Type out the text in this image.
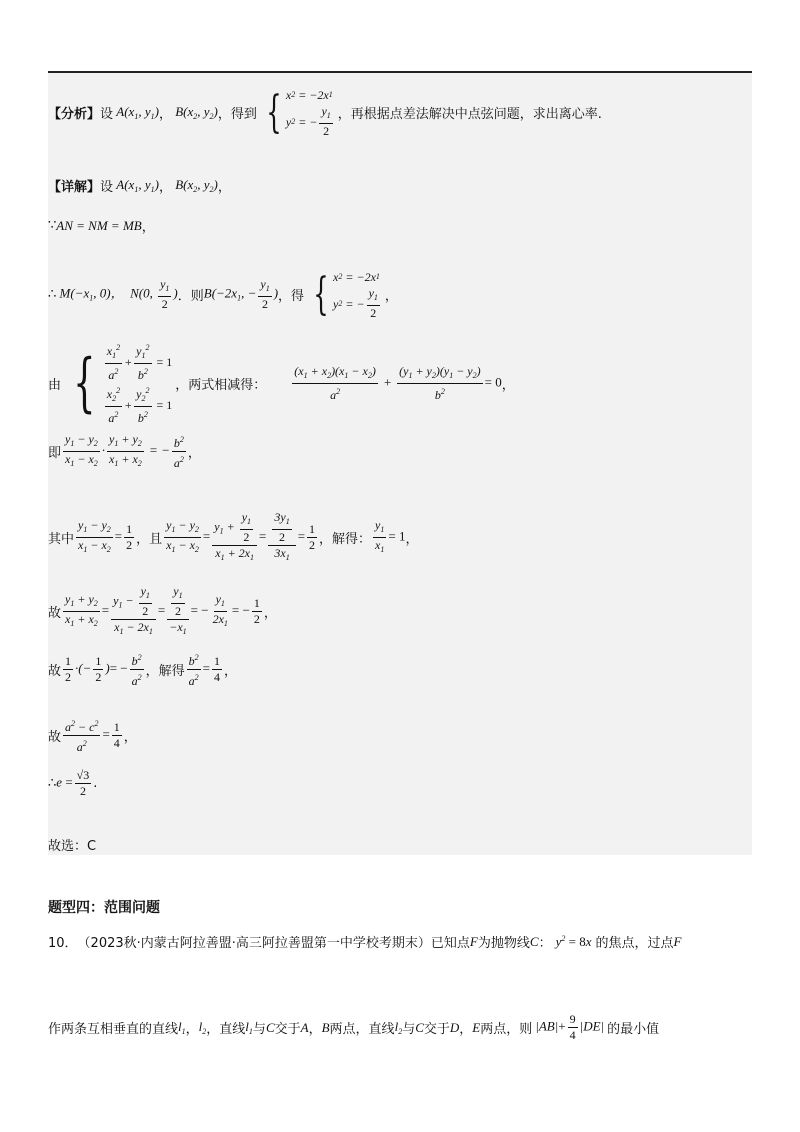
【分析】 设 $A(x_1$, $y_1$) ， $B(x_2$, $y_2$) ，得到 { x 2 = −2x 1
y 2 = − $\frac{y_1}{2}$ ，再根据点差法解决中点弦问题，求出离心率.
【详解】 设 $A(x_1$, $y_1$) ， $B(x_2$, $y_2$) ，
∵ AN = NM = MB ，
∴ $M(-x_1$, 0)，  N(0, $\frac{y_1}{2}$ ) ．则 $B(-2x_1$, − $\frac{y_1}{2}$ ) ，得 { x 2 = −2x 1
y 2 = − $\frac{y_1}{2}$ ，
由 { $\frac{x_1^2}{a^2} + \frac{y_1^2}{b^2} = 1$
$\frac{x_2^2}{a^2} + \frac{y_2^2}{b^2} = 1$
，两式相减得： $\frac{(x_1 + x_2)(x_1 - x_2)}{a^2} + \frac{(y_1 + y_2)(y_1 - y_2)}{b^2} = 0$ ，
即 $\frac{y_1 - y_2}{x_1 - x_2} \cdot \frac{y_1 + y_2}{x_1 + x_2}$ = − $\frac{b^2}{a^2}$ ，
其中 $\frac{y_1 - y_2}{x_1 - x_2} = \frac{1}{2}$ ，且 $\frac{y_1 - y_2}{x_1 - x_2} = \frac{y_1 + \frac{y_1}{2}}{x_1 + 2x_1} = \frac{\frac{3y_1}{2}}{3x_1} = \frac{1}{2}$ ，解得： $\frac{y_1}{x_1} = 1$ ，
故 $\frac{y_1 + y_2}{x_1 + x_2} = \frac{y_1 - \frac{y_1}{2}}{x_1 - 2x_1} = \frac{\frac{y_1}{2}}{-x_1}$ = − $\frac{y_1}{2x_1}$ = − $\frac{1}{2}$ ，
故 $\frac{1}{2}$ ·(− $\frac{1}{2}$ )= − $\frac{b^2}{a^2}$ ，解得 $\frac{b^2}{a^2} = \frac{1}{4}$ ，
故 $\frac{a^2 - c^2}{a^2} = \frac{1}{4}$ ，
∴ $e = \frac{√3}{2}$ .
故选：C
题型四：范围问题
10． （2023秋·内蒙古阿拉善盟·高三阿拉善盟第一中学校考期末） 已知点 F 为抛物线 C ： $y^2 = 8x$ 的焦点，过点 F
作两条互相垂直的直线 $l_1$ ， $l_2$ ，直线 $l_1$ 与 C 交于 A ， B 两点，直线 $l_2$ 与 C 交于 D ， E 两点，则 $|AB|+ \frac{9}{4} |DE|$ 的最小值
